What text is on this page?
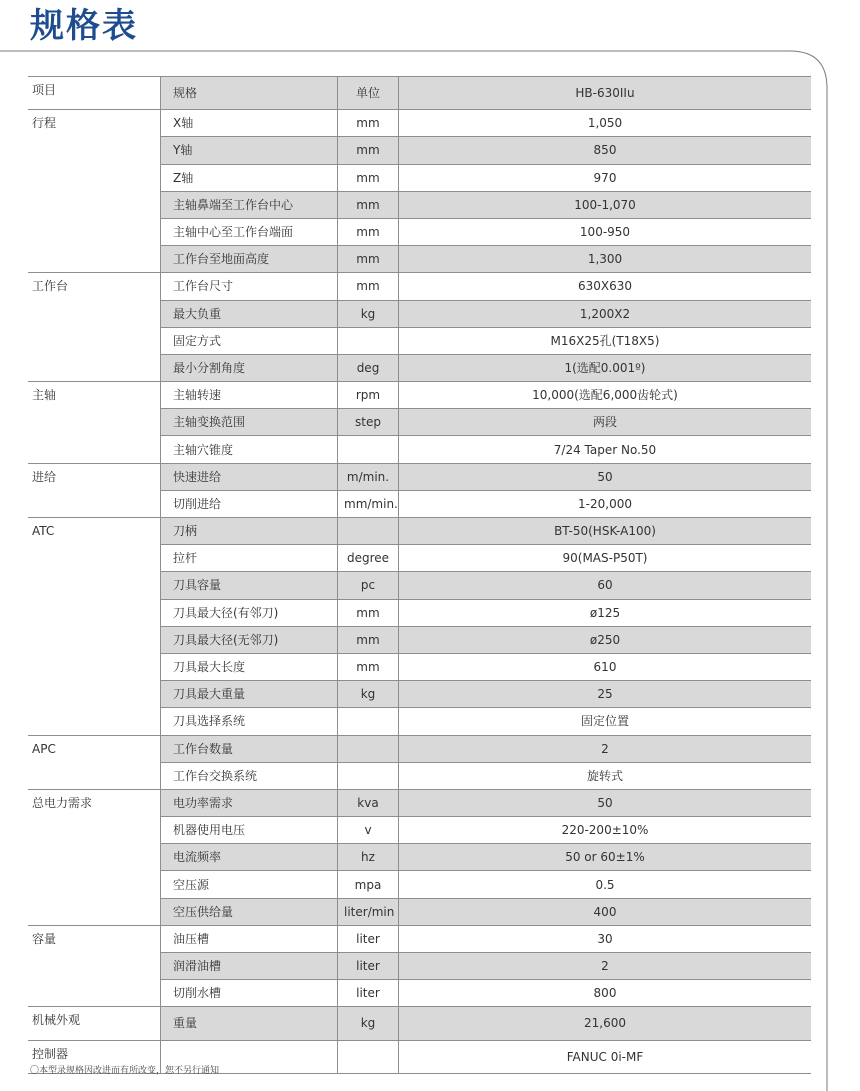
规格表
项目	规格	单位	HB-630IIu
行程	X轴	mm	1,050
	Y轴	mm	850
	Z轴	mm	970
	主轴鼻端至工作台中心	mm	100-1,070
	主轴中心至工作台端面	mm	100-950
	工作台至地面高度	mm	1,300
工作台	工作台尺寸	mm	630X630
	最大负重	kg	1,200X2
	固定方式		M16X25孔(T18X5)
	最小分割角度	deg	1(选配0.001º)
主轴	主轴转速	rpm	10,000(选配6,000齿轮式)
	主轴变换范围	step	两段
	主轴穴锥度		7/24 Taper No.50
进给	快速进给	m/min.	50
	切削进给	mm/min.	1-20,000
ATC	刀柄		BT-50(HSK-A100)
	拉杆	degree	90(MAS-P50T)
	刀具容量	pc	60
	刀具最大径(有邻刀)	mm	ø125
	刀具最大径(无邻刀)	mm	ø250
	刀具最大长度	mm	610
	刀具最大重量	kg	25
	刀具选择系统		固定位置
APC	工作台数量		2
	工作台交换系统		旋转式
总电力需求	电功率需求	kva	50
	机器使用电压	v	220-200±10%
	电流频率	hz	50 or 60±1%
	空压源	mpa	0.5
	空压供给量	liter/min	400
容量	油压槽	liter	30
	润滑油槽	liter	2
	切削水槽	liter	800
机械外观	重量	kg	21,600
控制器			FANUC 0i-MF
〇本型录规格因改进而有所改变，恕不另行通知
